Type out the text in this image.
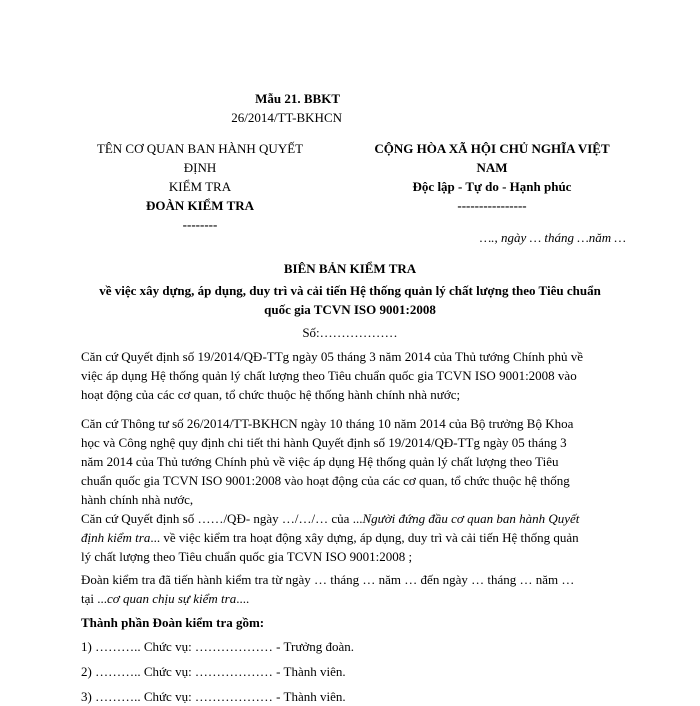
Mẫu 21. BBKT
26/2014/TT-BKHCN
TÊN CƠ QUAN BAN HÀNH QUYẾT ĐỊNH
KIỂM TRA
ĐOÀN KIỂM TRA
--------
CỘNG HÒA XÃ HỘI CHỦ NGHĨA VIỆT
NAM
Độc lập - Tự do - Hạnh phúc
----------------
…., ngày … tháng …năm …
BIÊN BẢN KIỂM TRA
về việc xây dựng, áp dụng, duy trì và cải tiến Hệ thống quản lý chất lượng theo Tiêu chuẩn
quốc gia TCVN ISO 9001:2008
Số:………………
Căn cứ Quyết định số 19/2014/QĐ-TTg ngày 05 tháng 3 năm 2014 của Thủ tướng Chính phủ về
việc áp dụng Hệ thống quản lý chất lượng theo Tiêu chuẩn quốc gia TCVN ISO 9001:2008 vào
hoạt động của các cơ quan, tổ chức thuộc hệ thống hành chính nhà nước;
Căn cứ Thông tư số 26/2014/TT-BKHCN ngày 10 tháng 10 năm 2014 của Bộ trưởng Bộ Khoa
học và Công nghệ quy định chi tiết thi hành Quyết định số 19/2014/QĐ-TTg ngày 05 tháng 3
năm 2014 của Thủ tướng Chính phủ về việc áp dụng Hệ thống quản lý chất lượng theo Tiêu
chuẩn quốc gia TCVN ISO 9001:2008 vào hoạt động của các cơ quan, tổ chức thuộc hệ thống
hành chính nhà nước,
Căn cứ Quyết định số ……/QĐ- ngày …/…/… của ...Người đứng đầu cơ quan ban hành Quyết
định kiểm tra... về việc kiểm tra hoạt động xây dựng, áp dụng, duy trì và cải tiến Hệ thống quản
lý chất lượng theo Tiêu chuẩn quốc gia TCVN ISO 9001:2008 ;
Đoàn kiểm tra đã tiến hành kiểm tra từ ngày … tháng … năm … đến ngày … tháng … năm …
tại ...cơ quan chịu sự kiểm tra....
Thành phần Đoàn kiểm tra gồm:
1) ……….. Chức vụ: ……………… - Trưởng đoàn.
2) ……….. Chức vụ: ……………… - Thành viên.
3) ……….. Chức vụ: ……………… - Thành viên.
